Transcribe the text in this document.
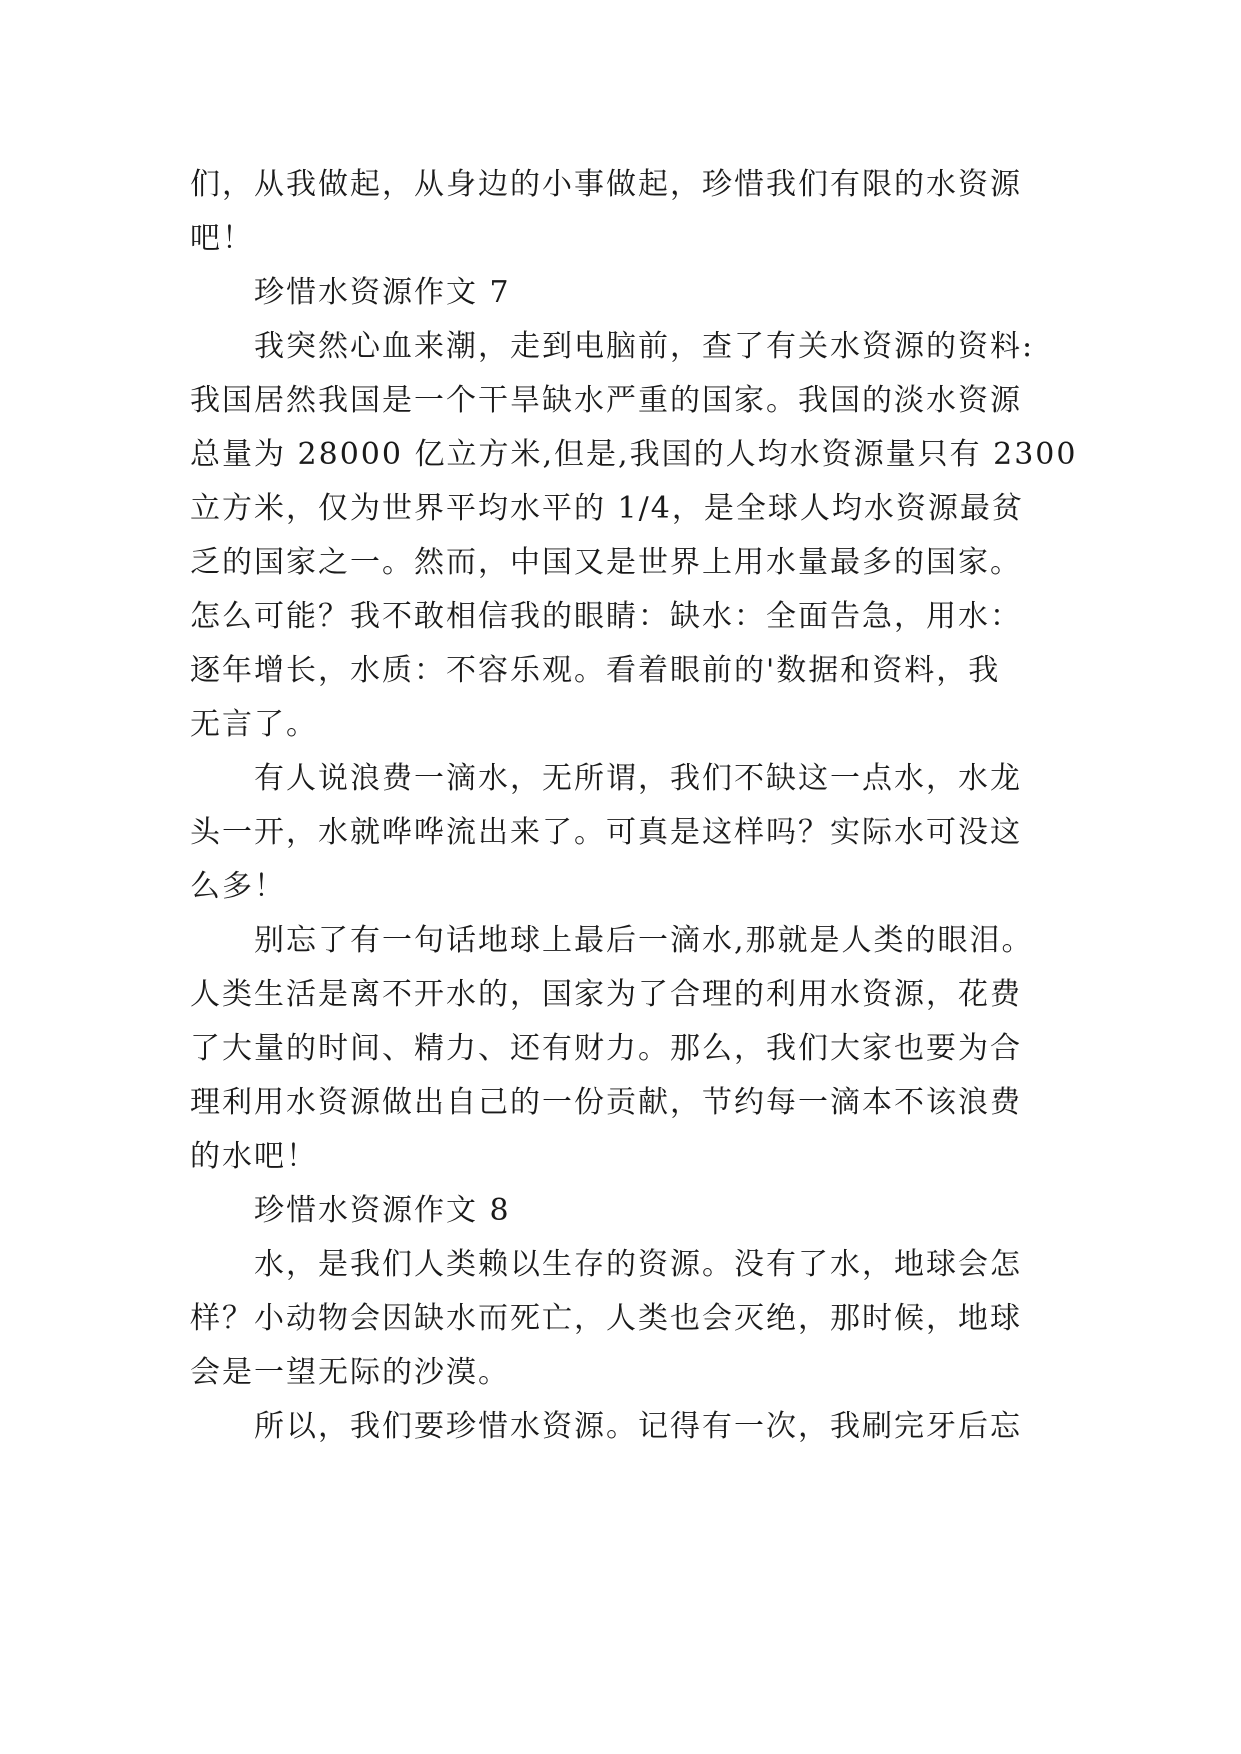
们，从我做起，从身边的小事做起，珍惜我们有限的水资源
吧！
珍惜水资源作文 7
我突然心血来潮，走到电脑前，查了有关水资源的资料:
我国居然我国是一个干旱缺水严重的国家。我国的淡水资源
总量为 28000 亿立方米,但是,我国的人均水资源量只有 2300
立方米，仅为世界平均水平的 1/4，是全球人均水资源最贫
乏的国家之一。然而，中国又是世界上用水量最多的国家。
怎么可能？我不敢相信我的眼睛：缺水：全面告急，用水：
逐年增长，水质：不容乐观。看着眼前的'数据和资料，我
无言了。
有人说浪费一滴水，无所谓，我们不缺这一点水，水龙
头一开，水就哗哗流出来了。可真是这样吗？实际水可没这
么多！
别忘了有一句话地球上最后一滴水,那就是人类的眼泪。
人类生活是离不开水的，国家为了合理的利用水资源，花费
了大量的时间、精力、还有财力。那么，我们大家也要为合
理利用水资源做出自己的一份贡献，节约每一滴本不该浪费
的水吧！
珍惜水资源作文 8
水，是我们人类赖以生存的资源。没有了水，地球会怎
样？小动物会因缺水而死亡，人类也会灭绝，那时候，地球
会是一望无际的沙漠。
所以，我们要珍惜水资源。记得有一次，我刷完牙后忘
